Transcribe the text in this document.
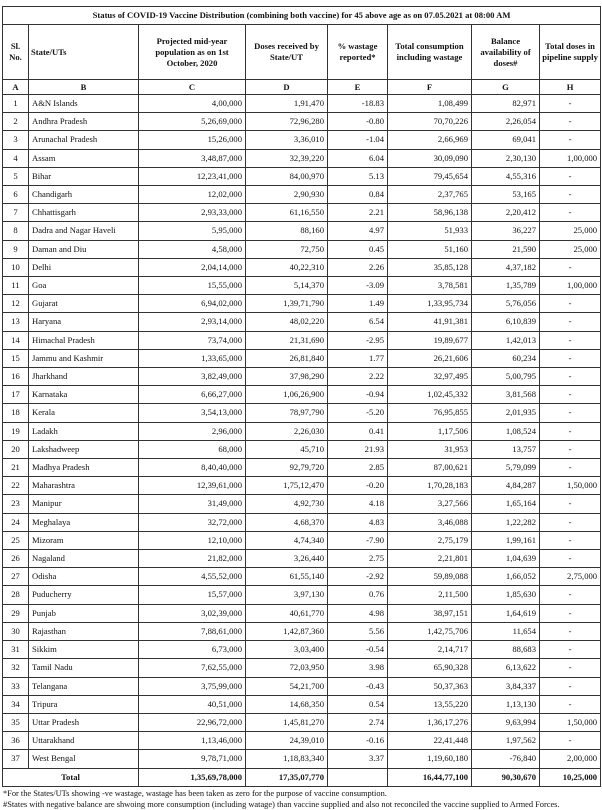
Status of COVID-19 Vaccine Distribution (combining both vaccine) for 45 above age as on 07.05.2021 at 08:00 AM							
Sl. No.	State/UTs	Projected mid-year population as on 1st October, 2020	Doses received by State/UT	% wastage reported*	Total consumption including wastage	Balance availability of doses#	Total doses in pipeline supply
A	B	C	D	E	F	G	H
1	A&N Islands	4,00,000	1,91,470	-18.83	1,08,499	82,971	-
2	Andhra Pradesh	5,26,69,000	72,96,280	-0.80	70,70,226	2,26,054	-
3	Arunachal Pradesh	15,26,000	3,36,010	-1.04	2,66,969	69,041	-
4	Assam	3,48,87,000	32,39,220	6.04	30,09,090	2,30,130	1,00,000
5	Bihar	12,23,41,000	84,00,970	5.13	79,45,654	4,55,316	-
6	Chandigarh	12,02,000	2,90,930	0.84	2,37,765	53,165	-
7	Chhattisgarh	2,93,33,000	61,16,550	2.21	58,96,138	2,20,412	-
8	Dadra and Nagar Haveli	5,95,000	88,160	4.97	51,933	36,227	25,000
9	Daman and Diu	4,58,000	72,750	0.45	51,160	21,590	25,000
10	Delhi	2,04,14,000	40,22,310	2.26	35,85,128	4,37,182	-
11	Goa	15,55,000	5,14,370	-3.09	3,78,581	1,35,789	1,00,000
12	Gujarat	6,94,02,000	1,39,71,790	1.49	1,33,95,734	5,76,056	-
13	Haryana	2,93,14,000	48,02,220	6.54	41,91,381	6,10,839	-
14	Himachal Pradesh	73,74,000	21,31,690	-2.95	19,89,677	1,42,013	-
15	Jammu and Kashmir	1,33,65,000	26,81,840	1.77	26,21,606	60,234	-
16	Jharkhand	3,82,49,000	37,98,290	2.22	32,97,495	5,00,795	-
17	Karnataka	6,66,27,000	1,06,26,900	-0.94	1,02,45,332	3,81,568	-
18	Kerala	3,54,13,000	78,97,790	-5.20	76,95,855	2,01,935	-
19	Ladakh	2,96,000	2,26,030	0.41	1,17,506	1,08,524	-
20	Lakshadweep	68,000	45,710	21.93	31,953	13,757	-
21	Madhya Pradesh	8,40,40,000	92,79,720	2.85	87,00,621	5,79,099	-
22	Maharashtra	12,39,61,000	1,75,12,470	-0.20	1,70,28,183	4,84,287	1,50,000
23	Manipur	31,49,000	4,92,730	4.18	3,27,566	1,65,164	-
24	Meghalaya	32,72,000	4,68,370	4.83	3,46,088	1,22,282	-
25	Mizoram	12,10,000	4,74,340	-7.90	2,75,179	1,99,161	-
26	Nagaland	21,82,000	3,26,440	2.75	2,21,801	1,04,639	-
27	Odisha	4,55,52,000	61,55,140	-2.92	59,89,088	1,66,052	2,75,000
28	Puducherry	15,57,000	3,97,130	0.76	2,11,500	1,85,630	-
29	Punjab	3,02,39,000	40,61,770	4.98	38,97,151	1,64,619	-
30	Rajasthan	7,88,61,000	1,42,87,360	5.56	1,42,75,706	11,654	-
31	Sikkim	6,73,000	3,03,400	-0.54	2,14,717	88,683	-
32	Tamil Nadu	7,62,55,000	72,03,950	3.98	65,90,328	6,13,622	-
33	Telangana	3,75,99,000	54,21,700	-0.43	50,37,363	3,84,337	-
34	Tripura	40,51,000	14,68,350	0.54	13,55,220	1,13,130	-
35	Uttar Pradesh	22,96,72,000	1,45,81,270	2.74	1,36,17,276	9,63,994	1,50,000
36	Uttarakhand	1,13,46,000	24,39,010	-0.16	22,41,448	1,97,562	-
37	West Bengal	9,78,71,000	1,18,83,340	3.37	1,19,60,180	-76,840	2,00,000
Total		1,35,69,78,000	17,35,07,770		16,44,77,100	90,30,670	10,25,000
*For the States/UTs showing -ve wastage, wastage has been taken as zero for the purpose of vaccine consumption.
#States with negative balance are shwoing more consumption (including watage) than vaccine supplied and also not reconciled the vaccine supplied to Armed Forces.
